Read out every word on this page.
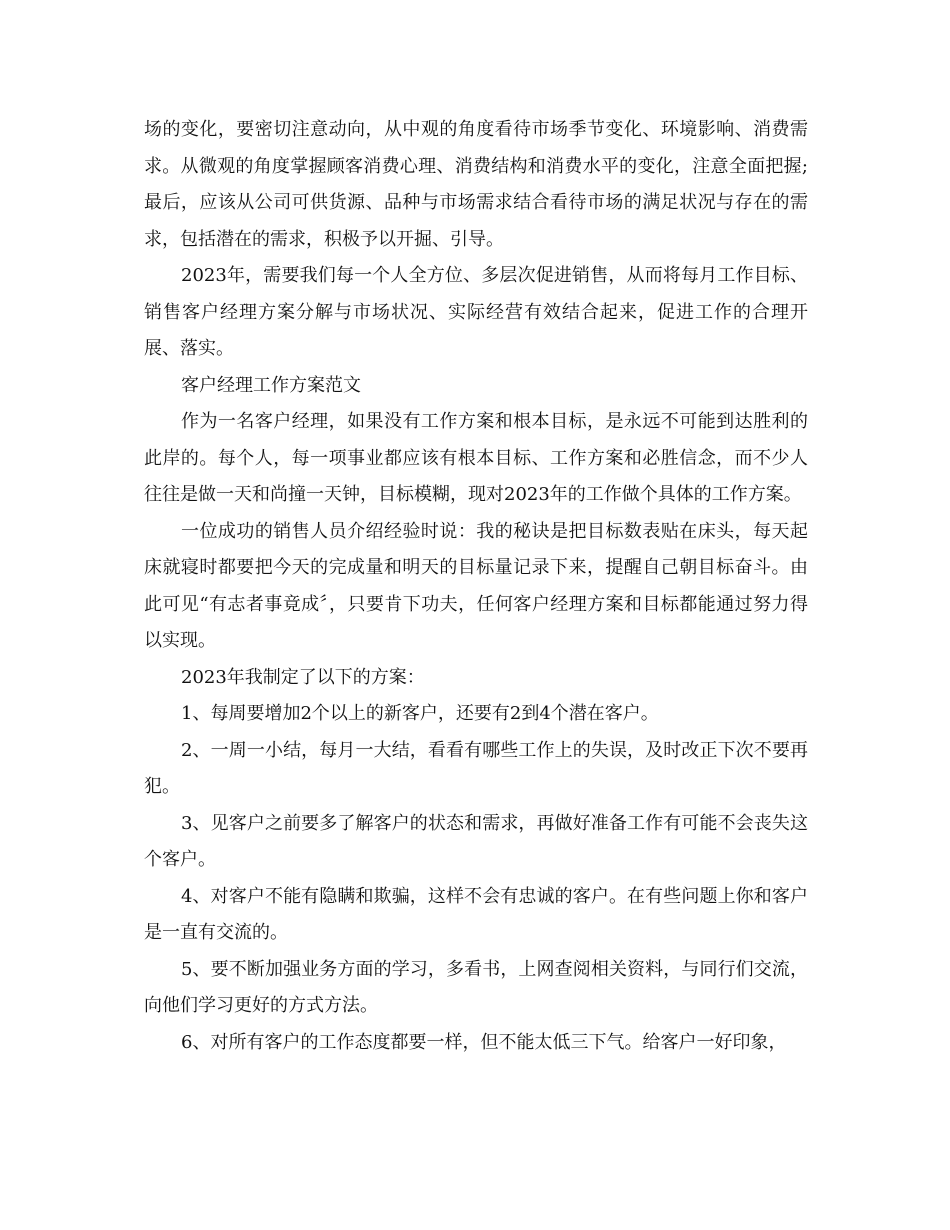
场的变化，要密切注意动向，从中观的角度看待市场季节变化、环境影响、消费需求。从微观的角度掌握顾客消费心理、消费结构和消费水平的变化，注意全面把握;最后，应该从公司可供货源、品种与市场需求结合看待市场的满足状况与存在的需求，包括潜在的需求，积极予以开掘、引导。

2023年，需要我们每一个人全方位、多层次促进销售，从而将每月工作目标、销售客户经理方案分解与市场状况、实际经营有效结合起来，促进工作的合理开展、落实。

客户经理工作方案范文

作为一名客户经理，如果没有工作方案和根本目标，是永远不可能到达胜利的此岸的。每个人，每一项事业都应该有根本目标、工作方案和必胜信念，而不少人往往是做一天和尚撞一天钟，目标模糊，现对2023年的工作做个具体的工作方案。

一位成功的销售人员介绍经验时说：我的秘诀是把目标数表贴在床头，每天起床就寝时都要把今天的完成量和明天的目标量记录下来，提醒自己朝目标奋斗。由此可见“有志者事竟成〞，只要肯下功夫，任何客户经理方案和目标都能通过努力得以实现。

2023年我制定了以下的方案：

1、每周要增加2个以上的新客户，还要有2到4个潜在客户。

2、一周一小结，每月一大结，看看有哪些工作上的失误，及时改正下次不要再犯。

3、见客户之前要多了解客户的状态和需求，再做好准备工作有可能不会丧失这个客户。

4、对客户不能有隐瞒和欺骗，这样不会有忠诚的客户。在有些问题上你和客户是一直有交流的。

5、要不断加强业务方面的学习，多看书，上网查阅相关资料，与同行们交流，向他们学习更好的方式方法。

6、对所有客户的工作态度都要一样，但不能太低三下气。给客户一好印象，
